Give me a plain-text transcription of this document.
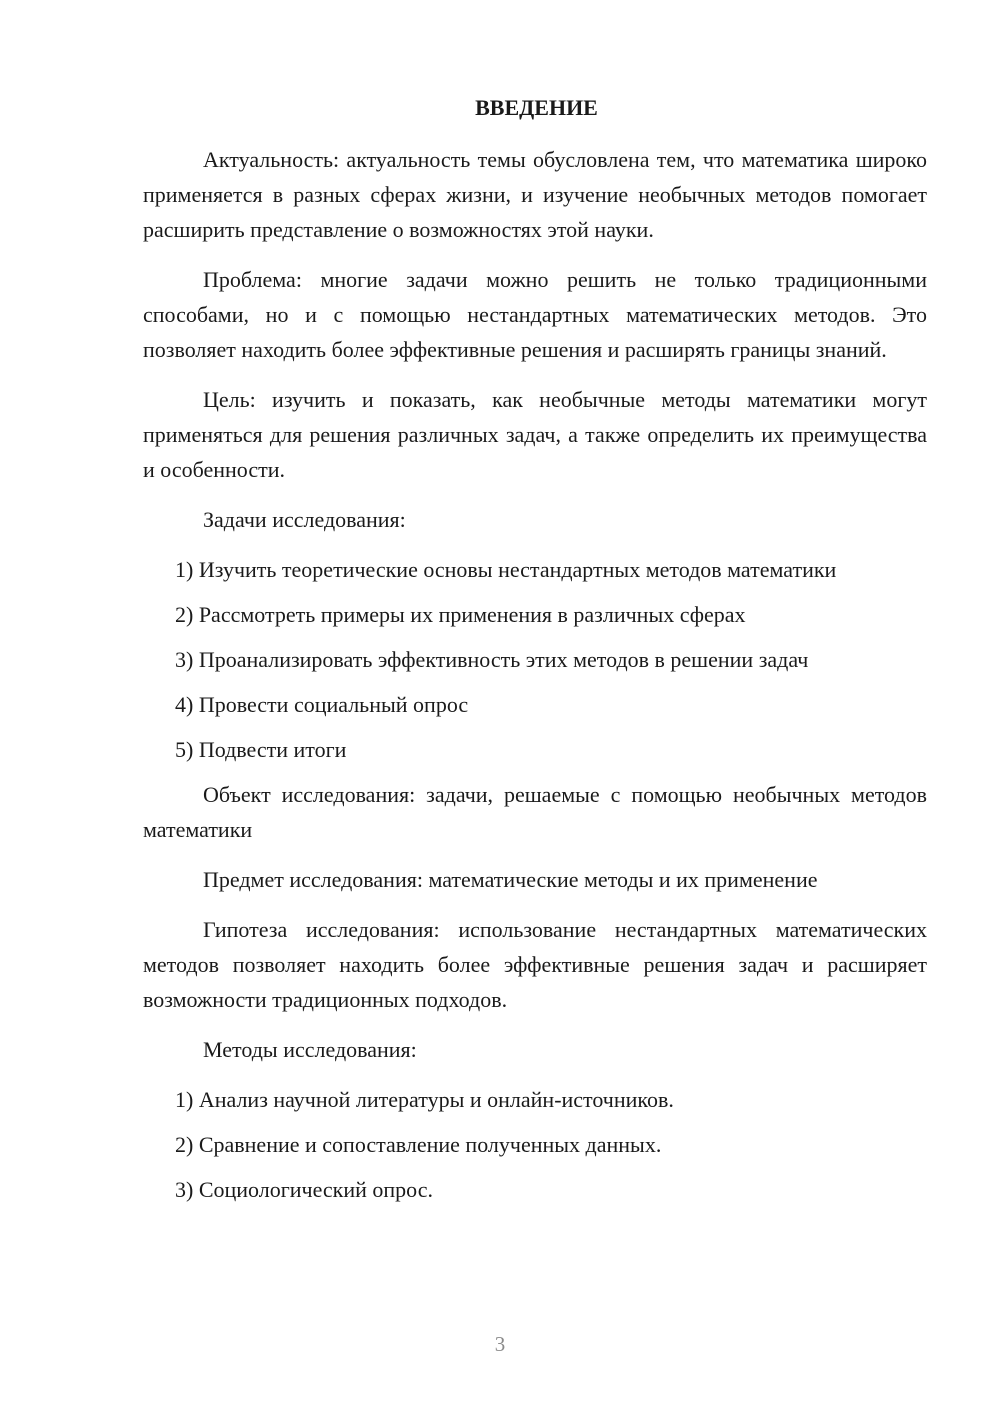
ВВЕДЕНИЕ

Актуальность: актуальность темы обусловлена тем, что математика широко применяется в разных сферах жизни, и изучение необычных методов помогает расширить представление о возможностях этой науки.

Проблема: многие задачи можно решить не только традиционными способами, но и с помощью нестандартных математических методов. Это позволяет находить более эффективные решения и расширять границы знаний.

Цель: изучить и показать, как необычные методы математики могут применяться для решения различных задач, а также определить их преимущества и особенности.

Задачи исследования:

1) Изучить теоретические основы нестандартных методов математики
2) Рассмотреть примеры их применения в различных сферах
3) Проанализировать эффективность этих методов в решении задач
4) Провести социальный опрос
5) Подвести итоги

Объект исследования: задачи, решаемые с помощью необычных методов математики

Предмет исследования: математические методы и их применение

Гипотеза исследования: использование нестандартных математических методов позволяет находить более эффективные решения задач и расширяет возможности традиционных подходов.

Методы исследования:

1) Анализ научной литературы и онлайн-источников.
2) Сравнение и сопоставление полученных данных.
3) Социологический опрос.
3
